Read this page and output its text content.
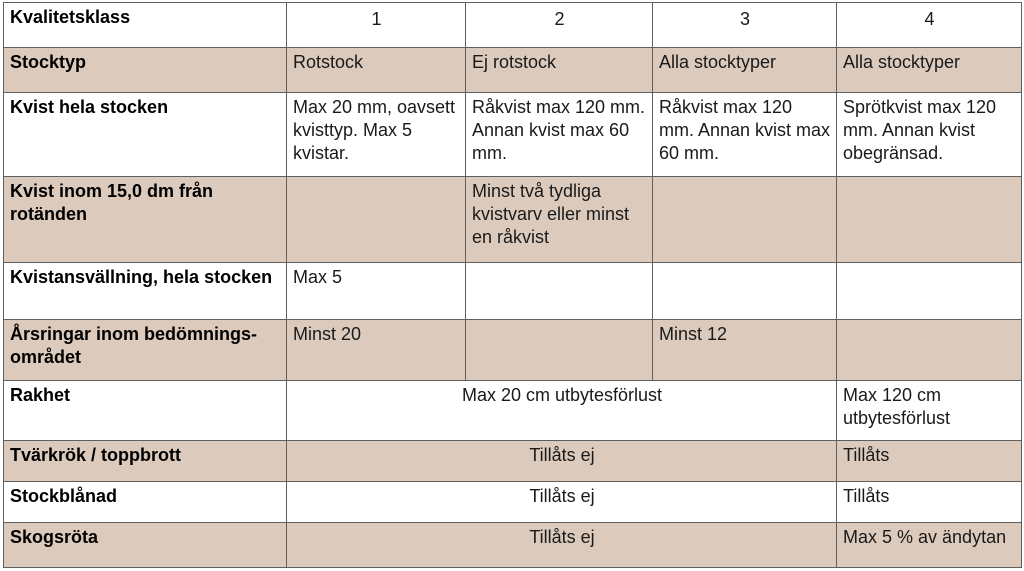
Kvalitetsklass	1	2	3	4
Stocktyp	Rotstock	Ej rotstock	Alla stocktyper	Alla stocktyper
Kvist hela stocken	Max 20 mm, oavsett kvisttyp. Max 5 kvistar.	Råkvist max 120 mm. Annan kvist max 60 mm.	Råkvist max 120 mm. Annan kvist max 60 mm.	Sprötkvist max 120 mm. Annan kvist obegränsad.
Kvist inom 15,0 dm från rotänden		Minst två tydliga kvistvarv eller minst en råkvist		
Kvistansvällning, hela stocken	Max 5			
Årsringar inom bedömnings-området	Minst 20		Minst 12	
Rakhet	Max 20 cm utbytesförlust			Max 120 cm utbytesförlust
Tvärkrök / toppbrott	Tillåts ej			Tillåts
Stockblånad	Tillåts ej			Tillåts
Skogsröta	Tillåts ej			Max 5 % av ändytan
